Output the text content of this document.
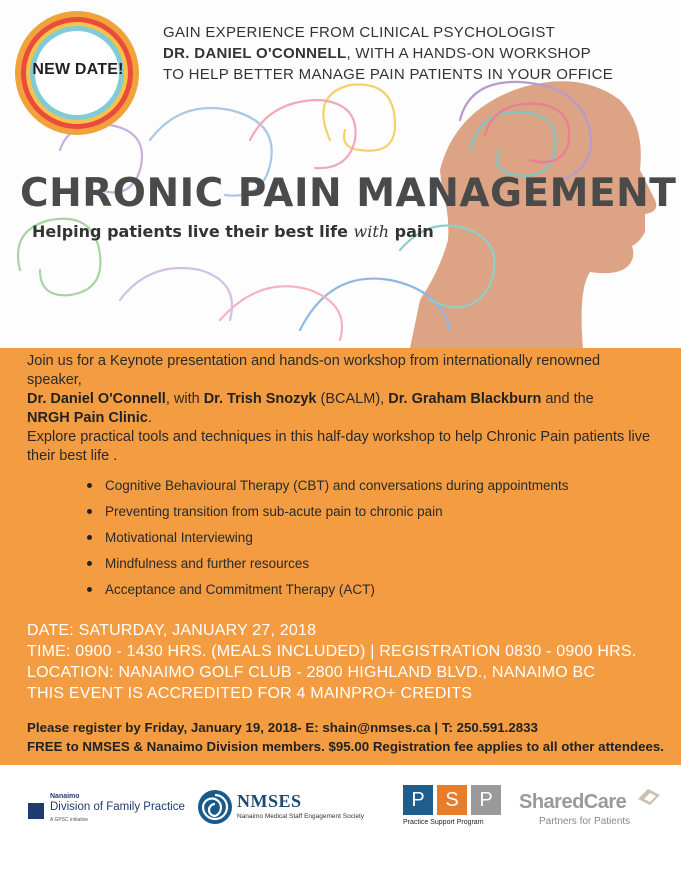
NEW DATE!
GAIN EXPERIENCE FROM CLINICAL PSYCHOLOGIST
DR. DANIEL O'CONNELL, WITH A HANDS-ON WORKSHOP
TO HELP BETTER MANAGE PAIN PATIENTS IN YOUR OFFICE
CHRONIC PAIN MANAGEMENT
Helping patients live their best life with pain
Join us for a Keynote presentation and hands-on workshop from internationally renowned speaker,
Dr. Daniel O'Connell, with Dr. Trish Snozyk (BCALM), Dr. Graham Blackburn and the
NRGH Pain Clinic.
Explore practical tools and techniques in this half-day workshop to help Chronic Pain patients live their best life .
Cognitive Behavioural Therapy (CBT) and conversations during appointments
Preventing transition from sub-acute pain to chronic pain
Motivational Interviewing
Mindfulness and further resources
Acceptance and Commitment Therapy (ACT)
DATE: SATURDAY, JANUARY 27, 2018
TIME: 0900 - 1430 HRS. (MEALS INCLUDED) | REGISTRATION 0830 - 0900 HRS.
LOCATION: NANAIMO GOLF CLUB - 2800 HIGHLAND BLVD., NANAIMO BC
THIS EVENT IS ACCREDITED FOR 4 MAINPRO+ CREDITS
Please register by Friday, January 19, 2018- E: shain@nmses.ca | T: 250.591.2833
FREE to NMSES & Nanaimo Division members. $95.00 Registration fee applies to all other attendees.
Nanaimo
Division of Family Practice
A GPSC initiative
NMSES
Nanaimo Medical Staff Engagement Society
P	S	P
Practice Support Program
SharedCare
Partners for Patients
